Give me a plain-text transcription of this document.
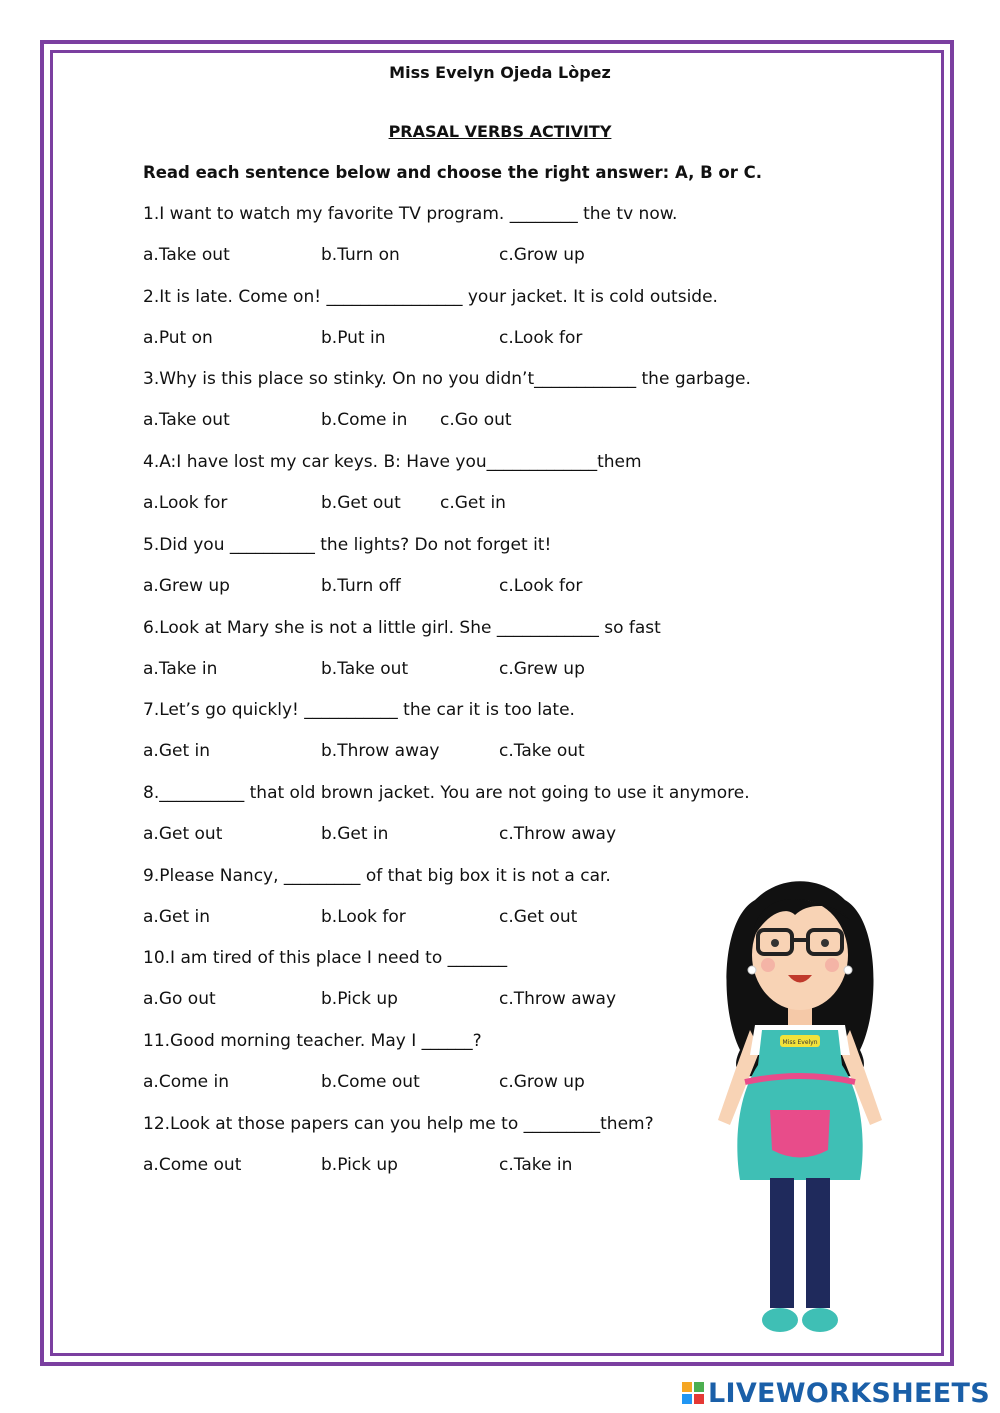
Miss Evelyn Ojeda Lòpez
PRASAL VERBS ACTIVITY
Read each sentence below and choose the right answer: A, B or C.
1.I want to watch my favorite TV program. ________ the tv now.
a.Take out	b.Turn on	c.Grow up
2.It is late. Come on! ________________ your jacket. It is cold outside.
a.Put on	b.Put in	c.Look for
3.Why is this place so stinky. On no you didn’t____________ the garbage.
a.Take out	b.Come in c.Go out
4.A:I have lost my car keys. B: Have you_____________them
a.Look for	b.Get out c.Get in
5.Did you __________ the lights? Do not forget it!
a.Grew up	b.Turn off	c.Look for
6.Look at Mary she is not a little girl. She ____________ so fast
a.Take in	b.Take out	c.Grew up
7.Let’s go quickly! ___________ the car it is too late.
a.Get in	b.Throw away	c.Take out
8.__________ that old brown jacket. You are not going to use it anymore.
a.Get out	b.Get in	c.Throw away
9.Please Nancy, _________ of that big box it is not a car.
a.Get in	b.Look for	c.Get out
10.I am tired of this place I need to _______
a.Go out	b.Pick up	c.Throw away
11.Good morning teacher. May I ______?
a.Come in	b.Come out	c.Grow up
12.Look at those papers can you help me to _________them?
a.Come out	b.Pick up	c.Take in
Miss Evelyn
LIVEWORKSHEETS
